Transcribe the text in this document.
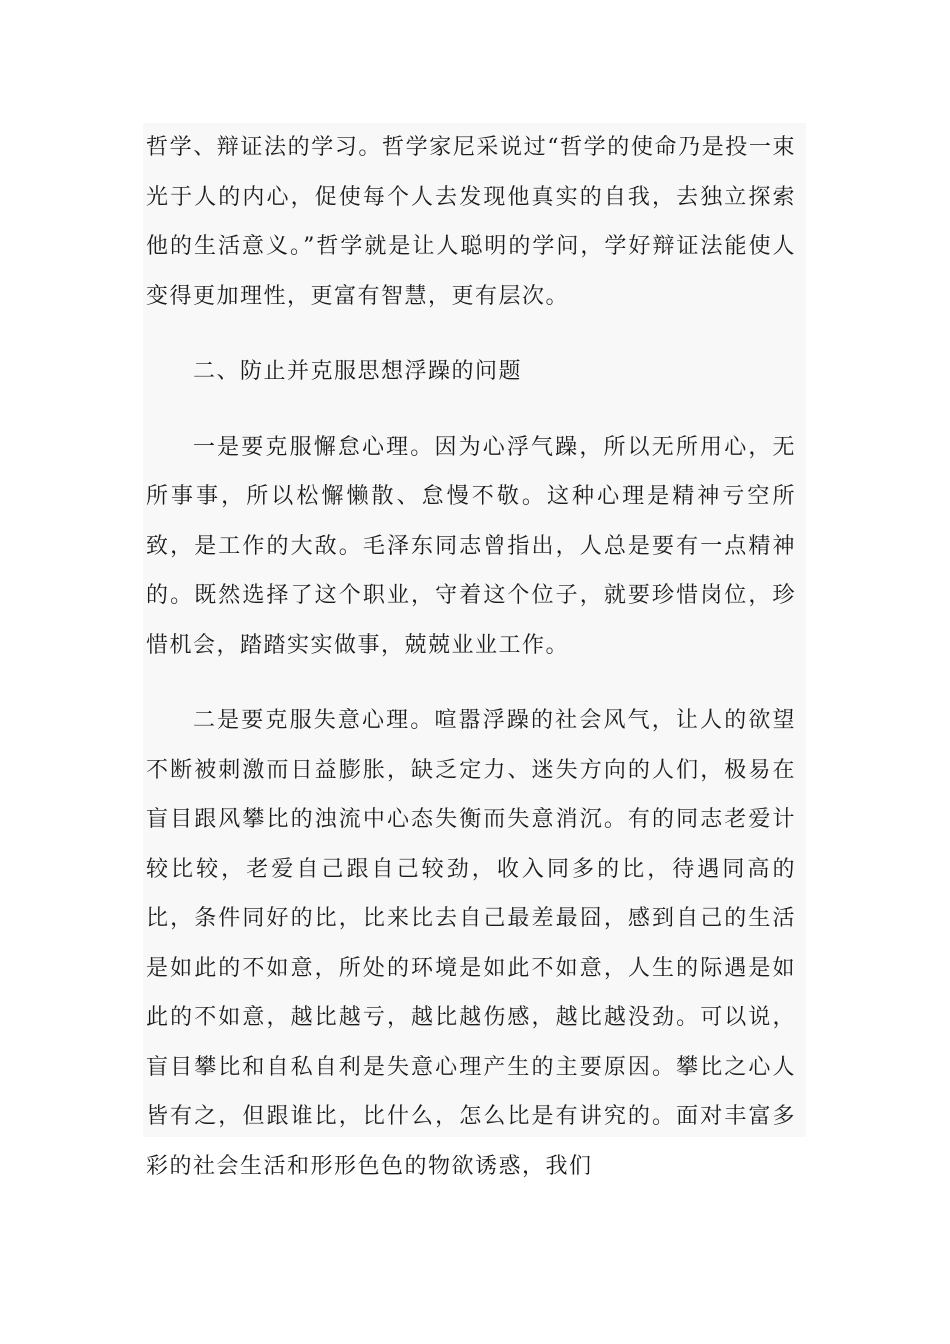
哲学、辩证法的学习。哲学家尼采说过“哲学的使命乃是投一束光于人的内心，促使每个人去发现他真实的自我，去独立探索他的生活意义。”哲学就是让人聪明的学问，学好辩证法能使人变得更加理性，更富有智慧，更有层次。

二、防止并克服思想浮躁的问题

一是要克服懈怠心理。因为心浮气躁，所以无所用心，无所事事，所以松懈懒散、怠慢不敬。这种心理是精神亏空所致，是工作的大敌。毛泽东同志曾指出，人总是要有一点精神的。既然选择了这个职业，守着这个位子，就要珍惜岗位，珍惜机会，踏踏实实做事，兢兢业业工作。

二是要克服失意心理。喧嚣浮躁的社会风气，让人的欲望不断被刺激而日益膨胀，缺乏定力、迷失方向的人们，极易在盲目跟风攀比的浊流中心态失衡而失意消沉。有的同志老爱计较比较，老爱自己跟自己较劲，收入同多的比，待遇同高的比，条件同好的比，比来比去自己最差最囧，感到自己的生活是如此的不如意，所处的环境是如此不如意，人生的际遇是如此的不如意，越比越亏，越比越伤感，越比越没劲。可以说，盲目攀比和自私自利是失意心理产生的主要原因。攀比之心人皆有之，但跟谁比，比什么，怎么比是有讲究的。面对丰富多彩的社会生活和形形色色的物欲诱惑，我们
